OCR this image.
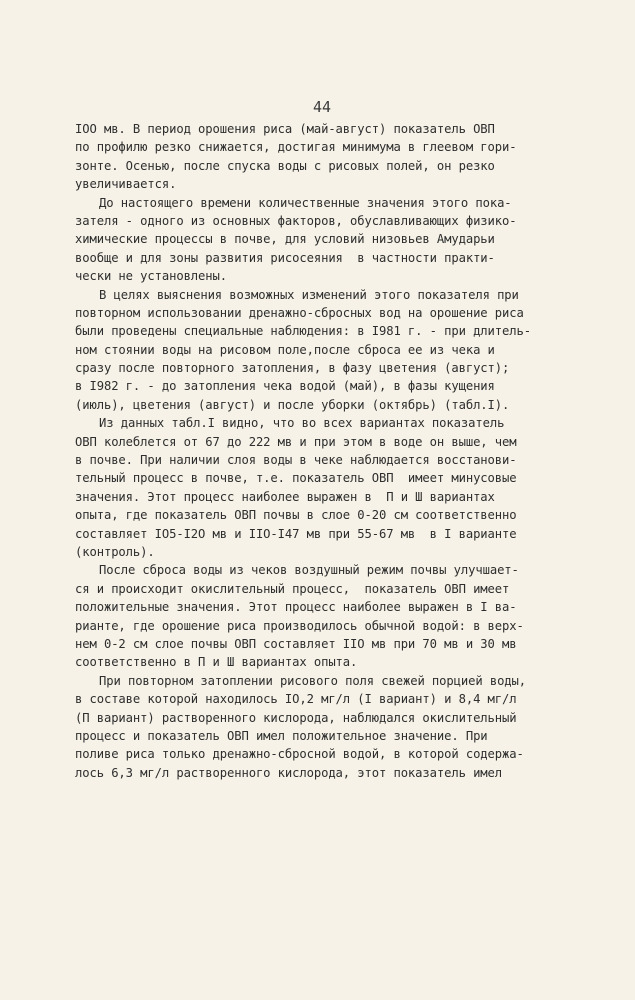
44
IOO мв. В период орошения риса (май-август) показатель ОВП
по профилю резко снижается, достигая минимума в глеевом гори-
зонте. Осенью, после спуска воды с рисовых полей, он резко
увеличивается.
До настоящего времени количественные значения этого пока-
зателя - одного из основных факторов, обуславливающих физико-
химические процессы в почве, для условий низовьев Амударьи
вообще и для зоны развития рисосеяния  в частности практи-
чески не установлены.
В целях выяснения возможных изменений этого показателя при
повторном использовании дренажно-сбросных вод на орошение риса
были проведены специальные наблюдения: в I981 г. - при длитель-
ном стоянии воды на рисовом поле,после сброса ее из чека и
сразу после повторного затопления, в фазу цветения (август);
в I982 г. - до затопления чека водой (май), в фазы кущения
(июль), цветения (август) и после уборки (октябрь) (табл.I).
Из данных табл.I видно, что во всех вариантах показатель
ОВП колеблется от 67 до 222 мв и при этом в воде он выше, чем
в почве. При наличии слоя воды в чеке наблюдается восстанови-
тельный процесс в почве, т.е. показатель ОВП  имеет минусовые
значения. Этот процесс наиболее выражен в  П и Ш вариантах
опыта, где показатель ОВП почвы в слое 0-20 см соответственно
составляет IO5-I2O мв и IIO-I47 мв при 55-67 мв  в I варианте
(контроль).
После сброса воды из чеков воздушный режим почвы улучшает-
ся и происходит окислительный процесс,  показатель ОВП имеет
положительные значения. Этот процесс наиболее выражен в I ва-
рианте, где орошение риса производилось обычной водой: в верх-
нем 0-2 см слое почвы ОВП составляет IIO мв при 70 мв и 30 мв
соответственно в П и Ш вариантах опыта.
При повторном затоплении рисового поля свежей порцией воды,
в составе которой находилось IO,2 мг/л (I вариант) и 8,4 мг/л
(П вариант) растворенного кислорода, наблюдался окислительный
процесс и показатель ОВП имел положительное значение. При
поливе риса только дренажно-сбросной водой, в которой содержа-
лось 6,3 мг/л растворенного кислорода, этот показатель имел
